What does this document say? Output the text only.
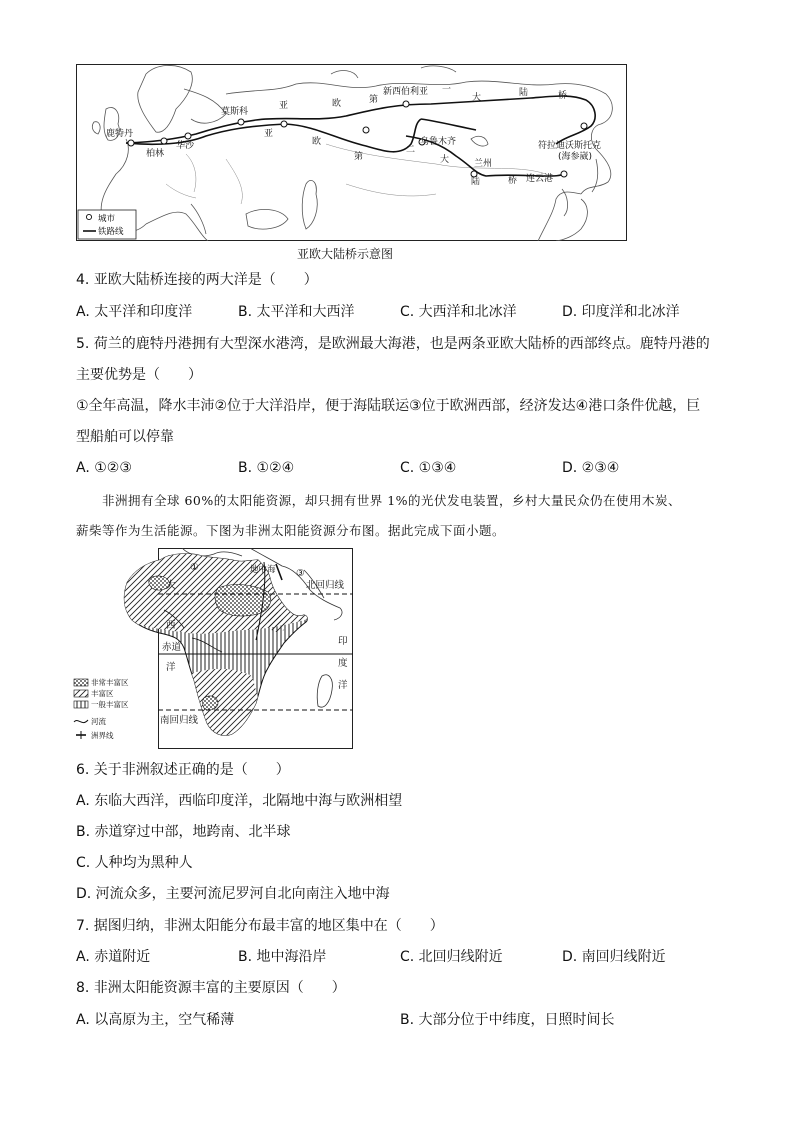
鹿特丹
柏林
华沙
莫斯科
新西伯利亚
乌鲁木齐
兰州
连云港
符拉迪沃斯托克
(海参崴)
亚	欧	第
一
大	陆	桥
亚
欧
第
二
大
陆	桥
城市
铁路线
亚欧大陆桥示意图
4. 亚欧大陆桥连接的两大洋是（　　）
A. 太平洋和印度洋	B. 太平洋和大西洋	C. 大西洋和北冰洋	D. 印度洋和北冰洋
5. 荷兰的鹿特丹港拥有大型深水港湾，是欧洲最大海港，也是两条亚欧大陆桥的西部终点。鹿特丹港的
主要优势是（　　）
①全年高温，降水丰沛②位于大洋沿岸，便于海陆联运③位于欧洲西部，经济发达④港口条件优越，巨
型船舶可以停靠
A. ①②③	B. ①②④	C. ①③④	D. ②③④
非洲拥有全球 60%的太阳能资源，却只拥有世界 1%的光伏发电装置，乡村大量民众仍在使用木炭、
薪柴等作为生活能源。下图为非洲太阳能资源分布图。据此完成下面小题。
①
③
地中海
北回归线
赤道
南回归线
大
西
洋
印
度
洋
非常丰富区
丰富区
一般丰富区
河流
洲界线
6. 关于非洲叙述正确的是（　　）
A. 东临大西洋，西临印度洋，北隔地中海与欧洲相望
B. 赤道穿过中部，地跨南、北半球
C. 人种均为黑种人
D. 河流众多，主要河流尼罗河自北向南注入地中海
7. 据图归纳，非洲太阳能分布最丰富的地区集中在（　　）
A. 赤道附近	B. 地中海沿岸	C. 北回归线附近	D. 南回归线附近
8. 非洲太阳能资源丰富的主要原因（　　）
A. 以高原为主，空气稀薄	B. 大部分位于中纬度，日照时间长
